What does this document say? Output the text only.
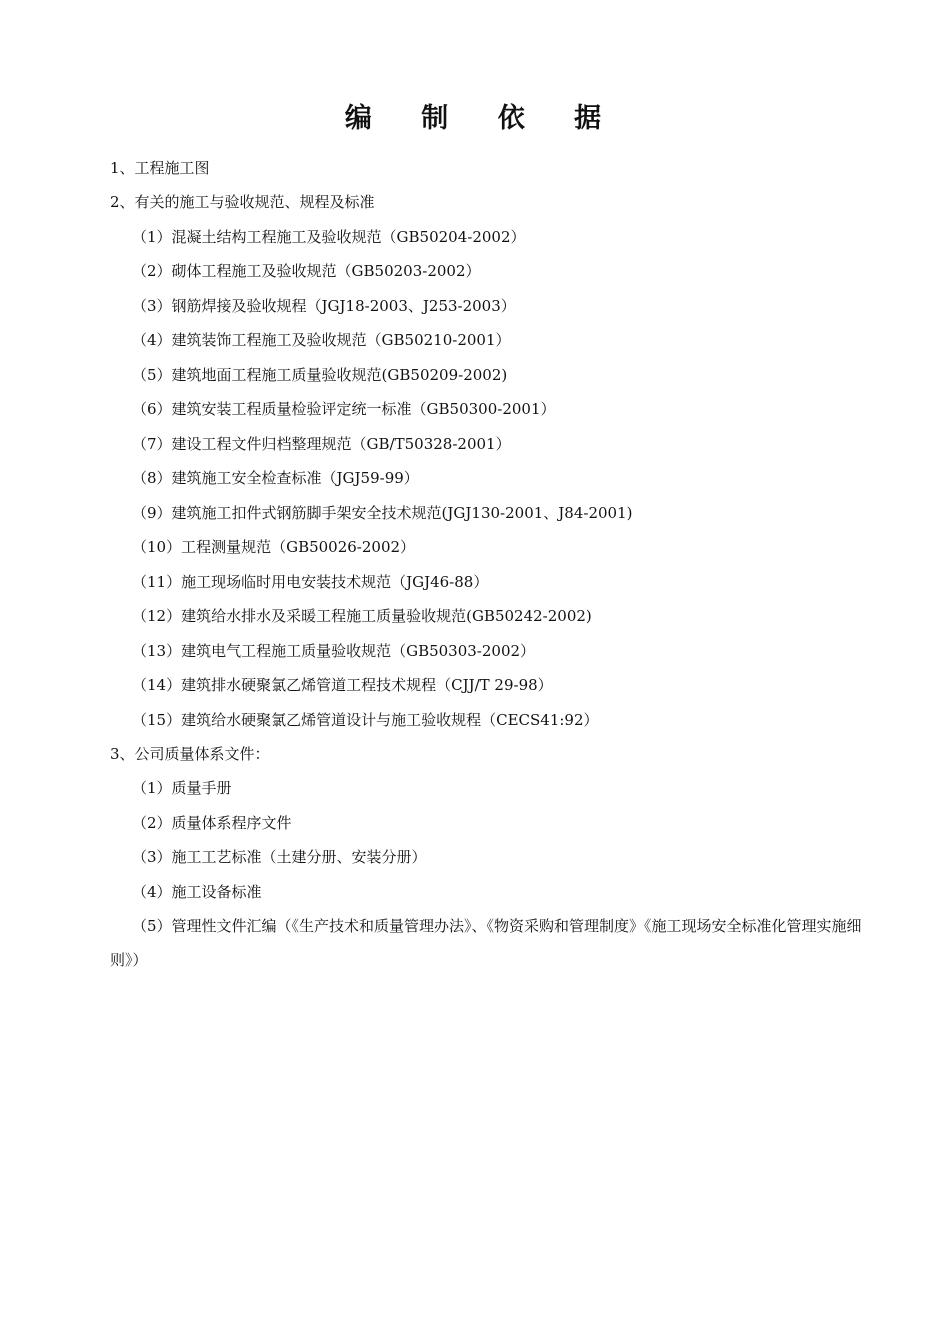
编 制 依 据
1、工程施工图
2、有关的施工与验收规范、规程及标准
（1）混凝土结构工程施工及验收规范（GB50204-2002）
（2）砌体工程施工及验收规范（GB50203-2002）
（3）钢筋焊接及验收规程（JGJ18-2003、J253-2003）
（4）建筑装饰工程施工及验收规范（GB50210-2001）
（5）建筑地面工程施工质量验收规范(GB50209-2002)
（6）建筑安装工程质量检验评定统一标准（GB50300-2001）
（7）建设工程文件归档整理规范（GB/T50328-2001）
（8）建筑施工安全检查标准（JGJ59-99）
（9）建筑施工扣件式钢筋脚手架安全技术规范(JGJ130-2001、J84-2001)
（10）工程测量规范（GB50026-2002）
（11）施工现场临时用电安装技术规范（JGJ46-88）
（12）建筑给水排水及采暖工程施工质量验收规范(GB50242-2002)
（13）建筑电气工程施工质量验收规范（GB50303-2002）
（14）建筑排水硬聚氯乙烯管道工程技术规程（CJJ/T 29-98）
（15）建筑给水硬聚氯乙烯管道设计与施工验收规程（CECS41:92）
3、公司质量体系文件：
（1）质量手册
（2）质量体系程序文件
（3）施工工艺标准（土建分册、安装分册）
（4）施工设备标准
（5）管理性文件汇编（《生产技术和质量管理办法》、《物资采购和管理制度》《施工现场安全标准化管理实施细则》）
